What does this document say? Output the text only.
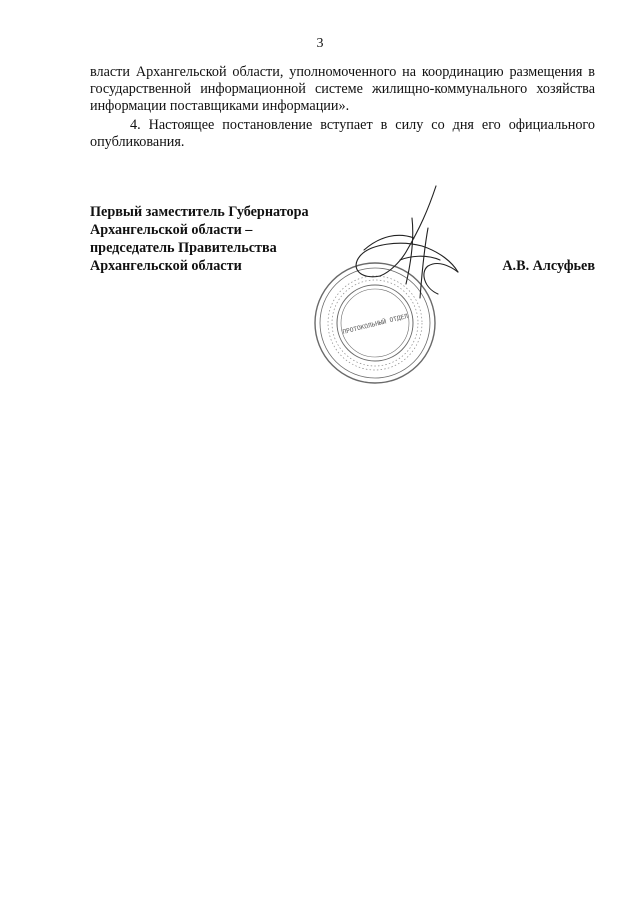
3

власти Архангельской области, уполномоченного на координацию размещения в государственной информационной системе жилищно-коммунального хозяйства информации поставщиками информации».

4. Настоящее постановление вступает в силу со дня его официального опубликования.

Первый заместитель Губернатора
Архангельской области –
председатель Правительства
Архангельской области
ПРОТОКОЛЬНЫЙ ОТДЕЛ
А.В. Алсуфьев
